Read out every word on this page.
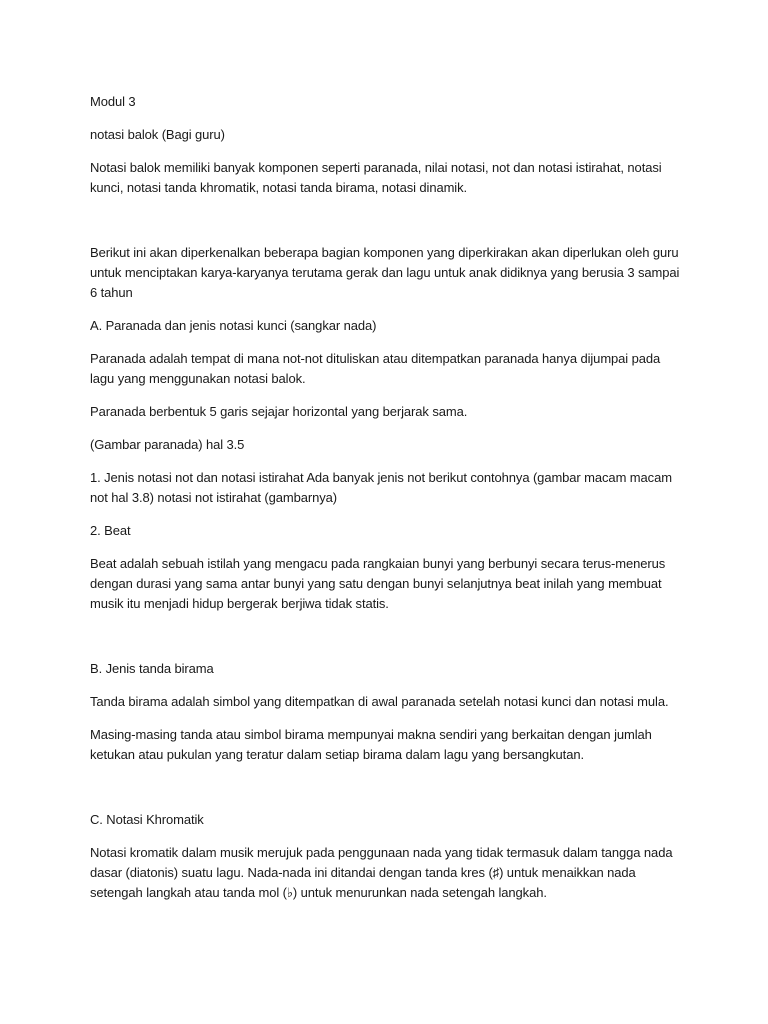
Modul 3

notasi balok (Bagi guru)

Notasi balok memiliki banyak komponen seperti paranada, nilai notasi, not dan notasi istirahat, notasi kunci, notasi tanda khromatik, notasi tanda birama, notasi dinamik.

Berikut ini akan diperkenalkan beberapa bagian komponen yang diperkirakan akan diperlukan oleh guru untuk menciptakan karya-karyanya terutama gerak dan lagu untuk anak didiknya yang berusia 3 sampai 6 tahun

A. Paranada dan jenis notasi kunci (sangkar nada)

Paranada adalah tempat di mana not-not dituliskan atau ditempatkan paranada hanya dijumpai pada lagu yang menggunakan notasi balok.

Paranada berbentuk 5 garis sejajar horizontal yang berjarak sama.

(Gambar paranada) hal 3.5

1. Jenis notasi not dan notasi istirahat Ada banyak jenis not berikut contohnya (gambar macam macam not hal 3.8) notasi not istirahat (gambarnya)

2. Beat

Beat adalah sebuah istilah yang mengacu pada rangkaian bunyi yang berbunyi secara terus-menerus dengan durasi yang sama antar bunyi yang satu dengan bunyi selanjutnya beat inilah yang membuat musik itu menjadi hidup bergerak berjiwa tidak statis.

B. Jenis tanda birama

Tanda birama adalah simbol yang ditempatkan di awal paranada setelah notasi kunci dan notasi mula.

Masing-masing tanda atau simbol birama mempunyai makna sendiri yang berkaitan dengan jumlah ketukan atau pukulan yang teratur dalam setiap birama dalam lagu yang bersangkutan.

C. Notasi Khromatik

Notasi kromatik dalam musik merujuk pada penggunaan nada yang tidak termasuk dalam tangga nada dasar (diatonis) suatu lagu. Nada-nada ini ditandai dengan tanda kres (♯) untuk menaikkan nada setengah langkah atau tanda mol (♭) untuk menurunkan nada setengah langkah.
